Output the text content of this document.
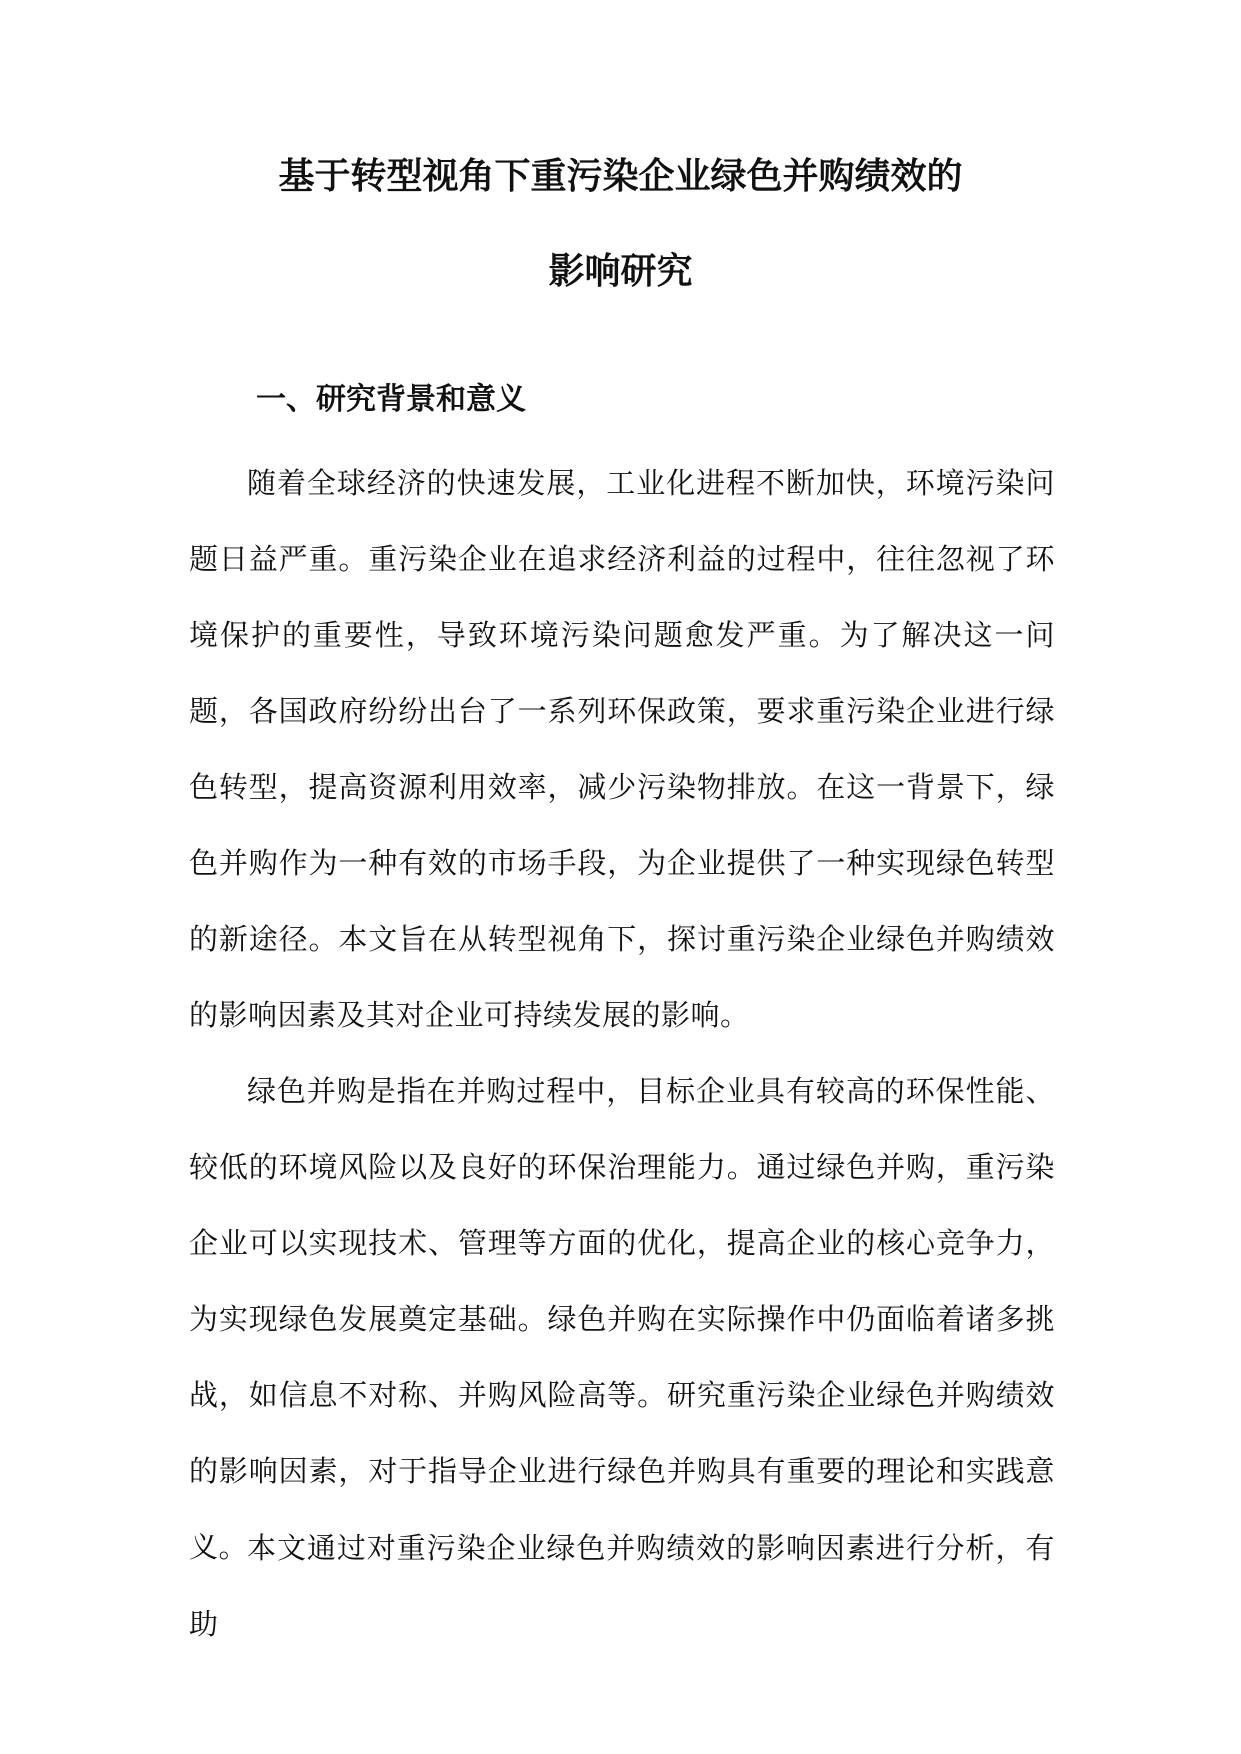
基于转型视角下重污染企业绿色并购绩效的
影响研究
一、研究背景和意义

随着全球经济的快速发展，工业化进程不断加快，环境污染问题日益严重。重污染企业在追求经济利益的过程中，往往忽视了环境保护的重要性，导致环境污染问题愈发严重。为了解决这一问题，各国政府纷纷出台了一系列环保政策，要求重污染企业进行绿色转型，提高资源利用效率，减少污染物排放。在这一背景下，绿色并购作为一种有效的市场手段，为企业提供了一种实现绿色转型的新途径。本文旨在从转型视角下，探讨重污染企业绿色并购绩效的影响因素及其对企业可持续发展的影响。

绿色并购是指在并购过程中，目标企业具有较高的环保性能、较低的环境风险以及良好的环保治理能力。通过绿色并购，重污染企业可以实现技术、管理等方面的优化，提高企业的核心竞争力，为实现绿色发展奠定基础。绿色并购在实际操作中仍面临着诸多挑战，如信息不对称、并购风险高等。研究重污染企业绿色并购绩效的影响因素，对于指导企业进行绿色并购具有重要的理论和实践意义。

本文通过对重污染企业绿色并购绩效的影响因素进行分析，有助
